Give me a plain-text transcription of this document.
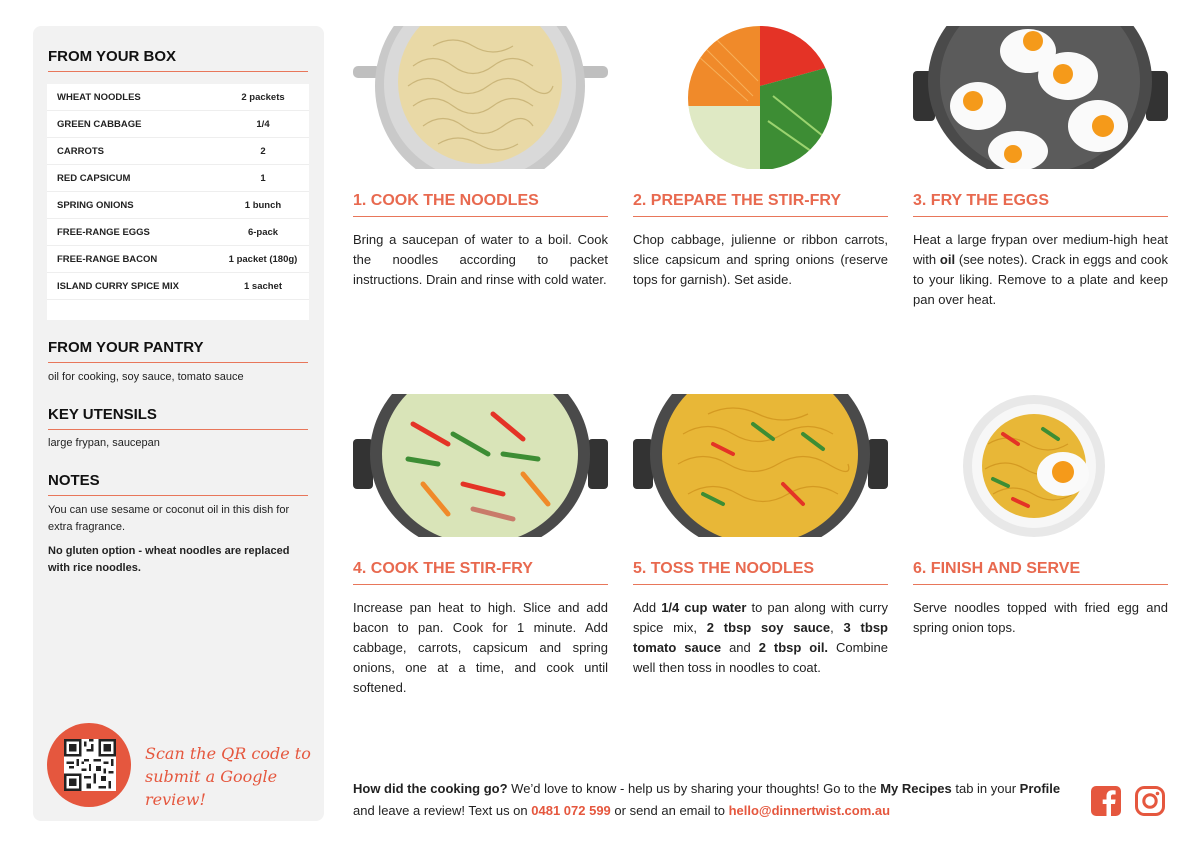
FROM YOUR BOX
WHEAT NOODLES	2 packets
GREEN CABBAGE	1/4
CARROTS	2
RED CAPSICUM	1
SPRING ONIONS	1 bunch
FREE-RANGE EGGS	6-pack
FREE-RANGE BACON	1 packet (180g)
ISLAND CURRY SPICE MIX	1 sachet
FROM YOUR PANTRY
oil for cooking, soy sauce, tomato sauce
KEY UTENSILS
large frypan, saucepan
NOTES
You can use sesame or coconut oil in this dish for extra fragrance.
No gluten option - wheat noodles are replaced with rice noodles.
Scan the QR code to
submit a Google review!
1. COOK THE NOODLES
Bring a saucepan of water to a boil. Cook the noodles according to packet instructions. Drain and rinse with cold water.
2. PREPARE THE STIR-FRY
Chop cabbage, julienne or ribbon carrots, slice capsicum and spring onions (reserve tops for garnish). Set aside.
3. FRY THE EGGS
Heat a large frypan over medium-high heat with oil (see notes). Crack in eggs and cook to your liking. Remove to a plate and keep pan over heat.
4. COOK THE STIR-FRY
Increase pan heat to high. Slice and add bacon to pan. Cook for 1 minute. Add cabbage, carrots, capsicum and spring onions, one at a time, and cook until softened.
5. TOSS THE NOODLES
Add 1/4 cup water to pan along with curry spice mix, 2 tbsp soy sauce, 3 tbsp tomato sauce and 2 tbsp oil. Combine well then toss in noodles to coat.
6. FINISH AND SERVE
Serve noodles topped with fried egg and spring onion tops.
How did the cooking go? We’d love to know - help us by sharing your thoughts! Go to the My Recipes tab in your Profile and leave a review! Text us on 0481 072 599 or send an email to hello@dinnertwist.com.au
